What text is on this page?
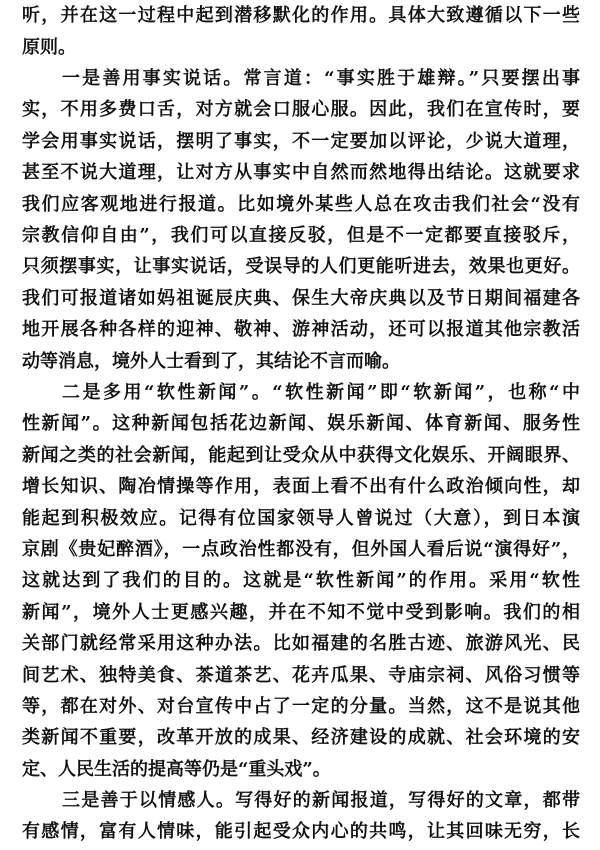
听，并在这一过程中起到潜移默化的作用。具体大致遵循以下一些
原则。
一是善用事实说话。常言道：“事实胜于雄辩。”只要摆出事
实，不用多费口舌，对方就会口服心服。因此，我们在宣传时，要
学会用事实说话，摆明了事实，不一定要加以评论，少说大道理，
甚至不说大道理，让对方从事实中自然而然地得出结论。这就要求
我们应客观地进行报道。比如境外某些人总在攻击我们社会“没有
宗教信仰自由”，我们可以直接反驳，但是不一定都要直接驳斥，
只须摆事实，让事实说话，受误导的人们更能听进去，效果也更好。
我们可报道诸如妈祖诞辰庆典、保生大帝庆典以及节日期间福建各
地开展各种各样的迎神、敬神、游神活动，还可以报道其他宗教活
动等消息，境外人士看到了，其结论不言而喻。
二是多用“软性新闻”。“软性新闻”即“软新闻”，也称“中
性新闻”。这种新闻包括花边新闻、娱乐新闻、体育新闻、服务性
新闻之类的社会新闻，能起到让受众从中获得文化娱乐、开阔眼界、
增长知识、陶冶情操等作用，表面上看不出有什么政治倾向性，却
能起到积极效应。记得有位国家领导人曾说过（大意），到日本演
京剧《贵妃醉酒》，一点政治性都没有，但外国人看后说“演得好”，
这就达到了我们的目的。这就是“软性新闻”的作用。采用“软性
新闻”，境外人士更感兴趣，并在不知不觉中受到影响。我们的相
关部门就经常采用这种办法。比如福建的名胜古迹、旅游风光、民
间艺术、独特美食、茶道茶艺、花卉瓜果、寺庙宗祠、风俗习惯等
等，都在对外、对台宣传中占了一定的分量。当然，这不是说其他
类新闻不重要，改革开放的成果、经济建设的成就、社会环境的安
定、人民生活的提高等仍是“重头戏”。
三是善于以情感人。写得好的新闻报道，写得好的文章，都带
有感情，富有人情味，能引起受众内心的共鸣，让其回味无穷，长
